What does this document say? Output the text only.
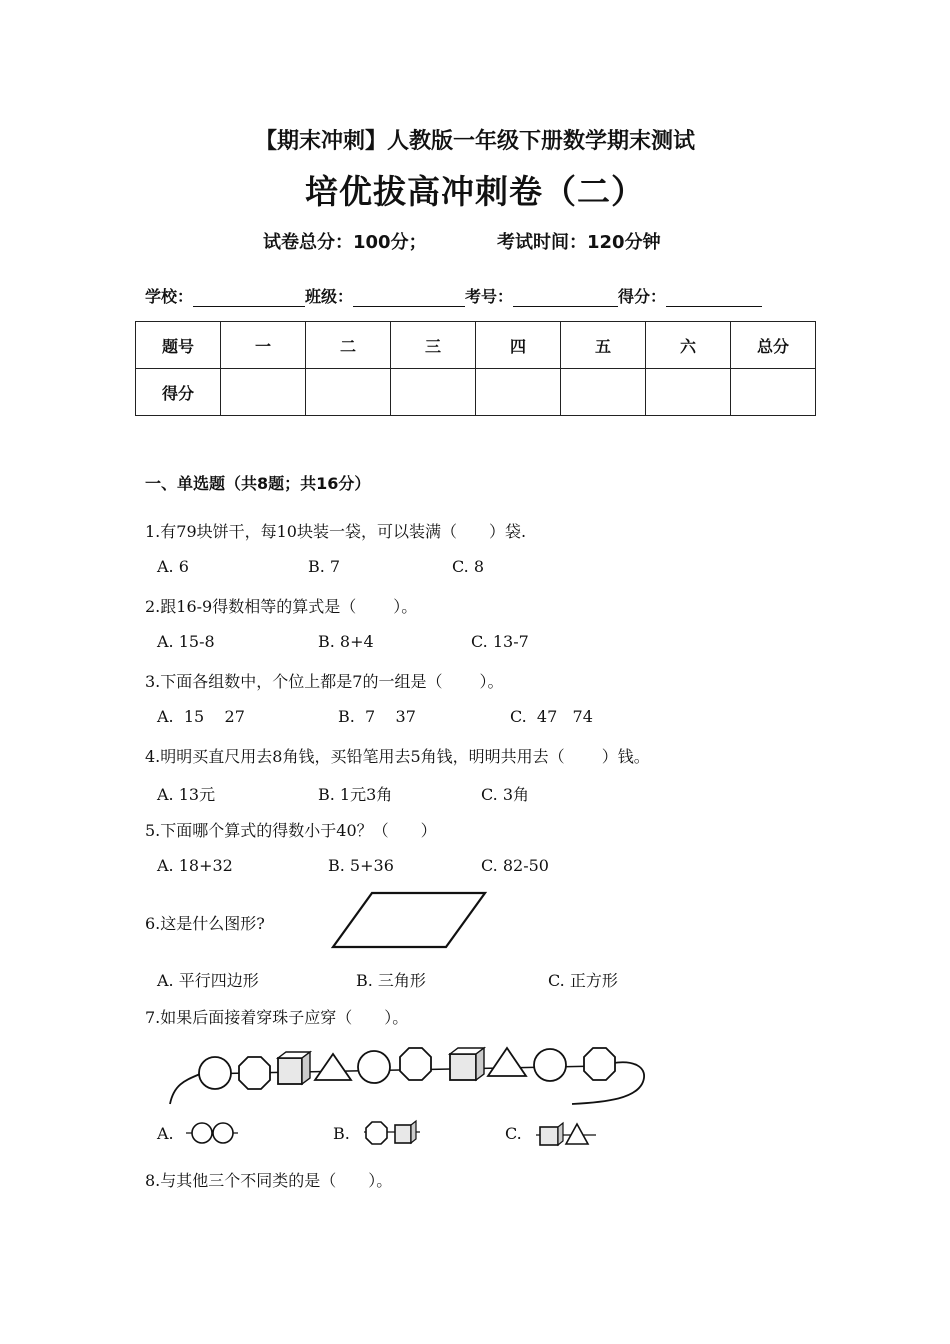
【期末冲刺】人教版一年级下册数学期末测试
培优拔高冲刺卷（二）
试卷总分：100分；	考试时间：120分钟
学校：	班级：	考号：	得分：
题号	一	二	三	四	五	六	总分
得分							
一、单选题（共8题；共16分）
1.有79块饼干，每10块装一袋，可以装满（　　）袋.
A. 6	B. 7	C. 8
2.跟16-9得数相等的算式是（　　 ）。
A. 15-8	B. 8+4	C. 13-7
3.下面各组数中，个位上都是7的一组是（　　 ）。
A.  15    27	B.  7    37	C.  47   74
4.明明买直尺用去8角钱，买铅笔用去5角钱，明明共用去（　　 ）钱。
A. 13元	B. 1元3角	C. 3角
5.下面哪个算式的得数小于40？（　　）
A. 18+32	B. 5+36	C. 82-50
6.这是什么图形?
A. 平行四边形	B. 三角形	C. 正方形
7.如果后面接着穿珠子应穿（　　）。
A.	B.	C.
8.与其他三个不同类的是（　　）。
